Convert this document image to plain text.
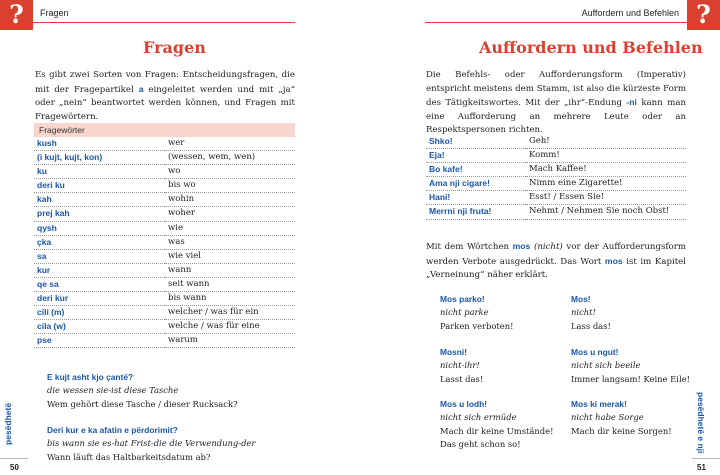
?	Fragen
Fragen
Es gibt zwei Sorten von Fragen: Entscheidungsfragen, die mit der Fragepartikel a eingeleitet werden und mit „ja“ oder „nein“ beantwortet werden können, und Fragen mit Fragewörtern.
Fragewörter
kush	wer
(i kujt, kujt, kon)	(wessen, wem, wen)
ku	wo
deri ku	bis wo
kah	wohin
prej kah	woher
qysh	wie
çka	was
sa	wie viel
kur	wann
qe sa	seit wann
deri kur	bis wann
cili (m)	welcher / was für ein
cila (w)	welche / was für eine
pse	warum
E kujt asht kjo çantë?
die wessen sie-ist diese Tasche
Wem gehört diese Tasche / dieser Rucksack?
Deri kur e ka afatin e përdorimit?
bis wann sie es-hat Frist-die die Verwendung-der
Wann läuft das Haltbarkeitsdatum ab?
pesëdhetë
50
?
Auffordern und Befehlen
Auffordern und Befehlen
Die Befehls- oder Aufforderungsform (Imperativ) entspricht meistens dem Stamm, ist also die kürzeste Form des Tätigkeitswortes. Mit der „ihr“-Endung -ni kann man eine Aufforderung an mehrere Leute oder an Respektspersonen richten.
Shko!	Geh!
Eja!	Komm!
Bo kafe!	Mach Kaffee!
Ama nji cigare!	Nimm eine Zigarette!
Hani!	Esst! / Essen Sie!
Merrni nji fruta!	Nehmt / Nehmen Sie noch Obst!
Mit dem Wörtchen mos (nicht) vor der Aufforderungsform werden Verbote ausgedrückt. Das Wort mos ist im Kapitel „Verneinung“ näher erklärt.
Mos parko!
nicht parke
Parken verboten!
Mos!
nicht!
Lass das!
Mosni!
nicht-ihr!
Lasst das!
Mos u ngut!
nicht sich beeile
Immer langsam! Keine Eile!
Mos u lodh!
nicht sich ermüde
Mach dir keine Umstände!
Das geht schon so!
Mos ki merak!
nicht habe Sorge
Mach dir keine Sorgen!	pesëdhetë e nji
51
